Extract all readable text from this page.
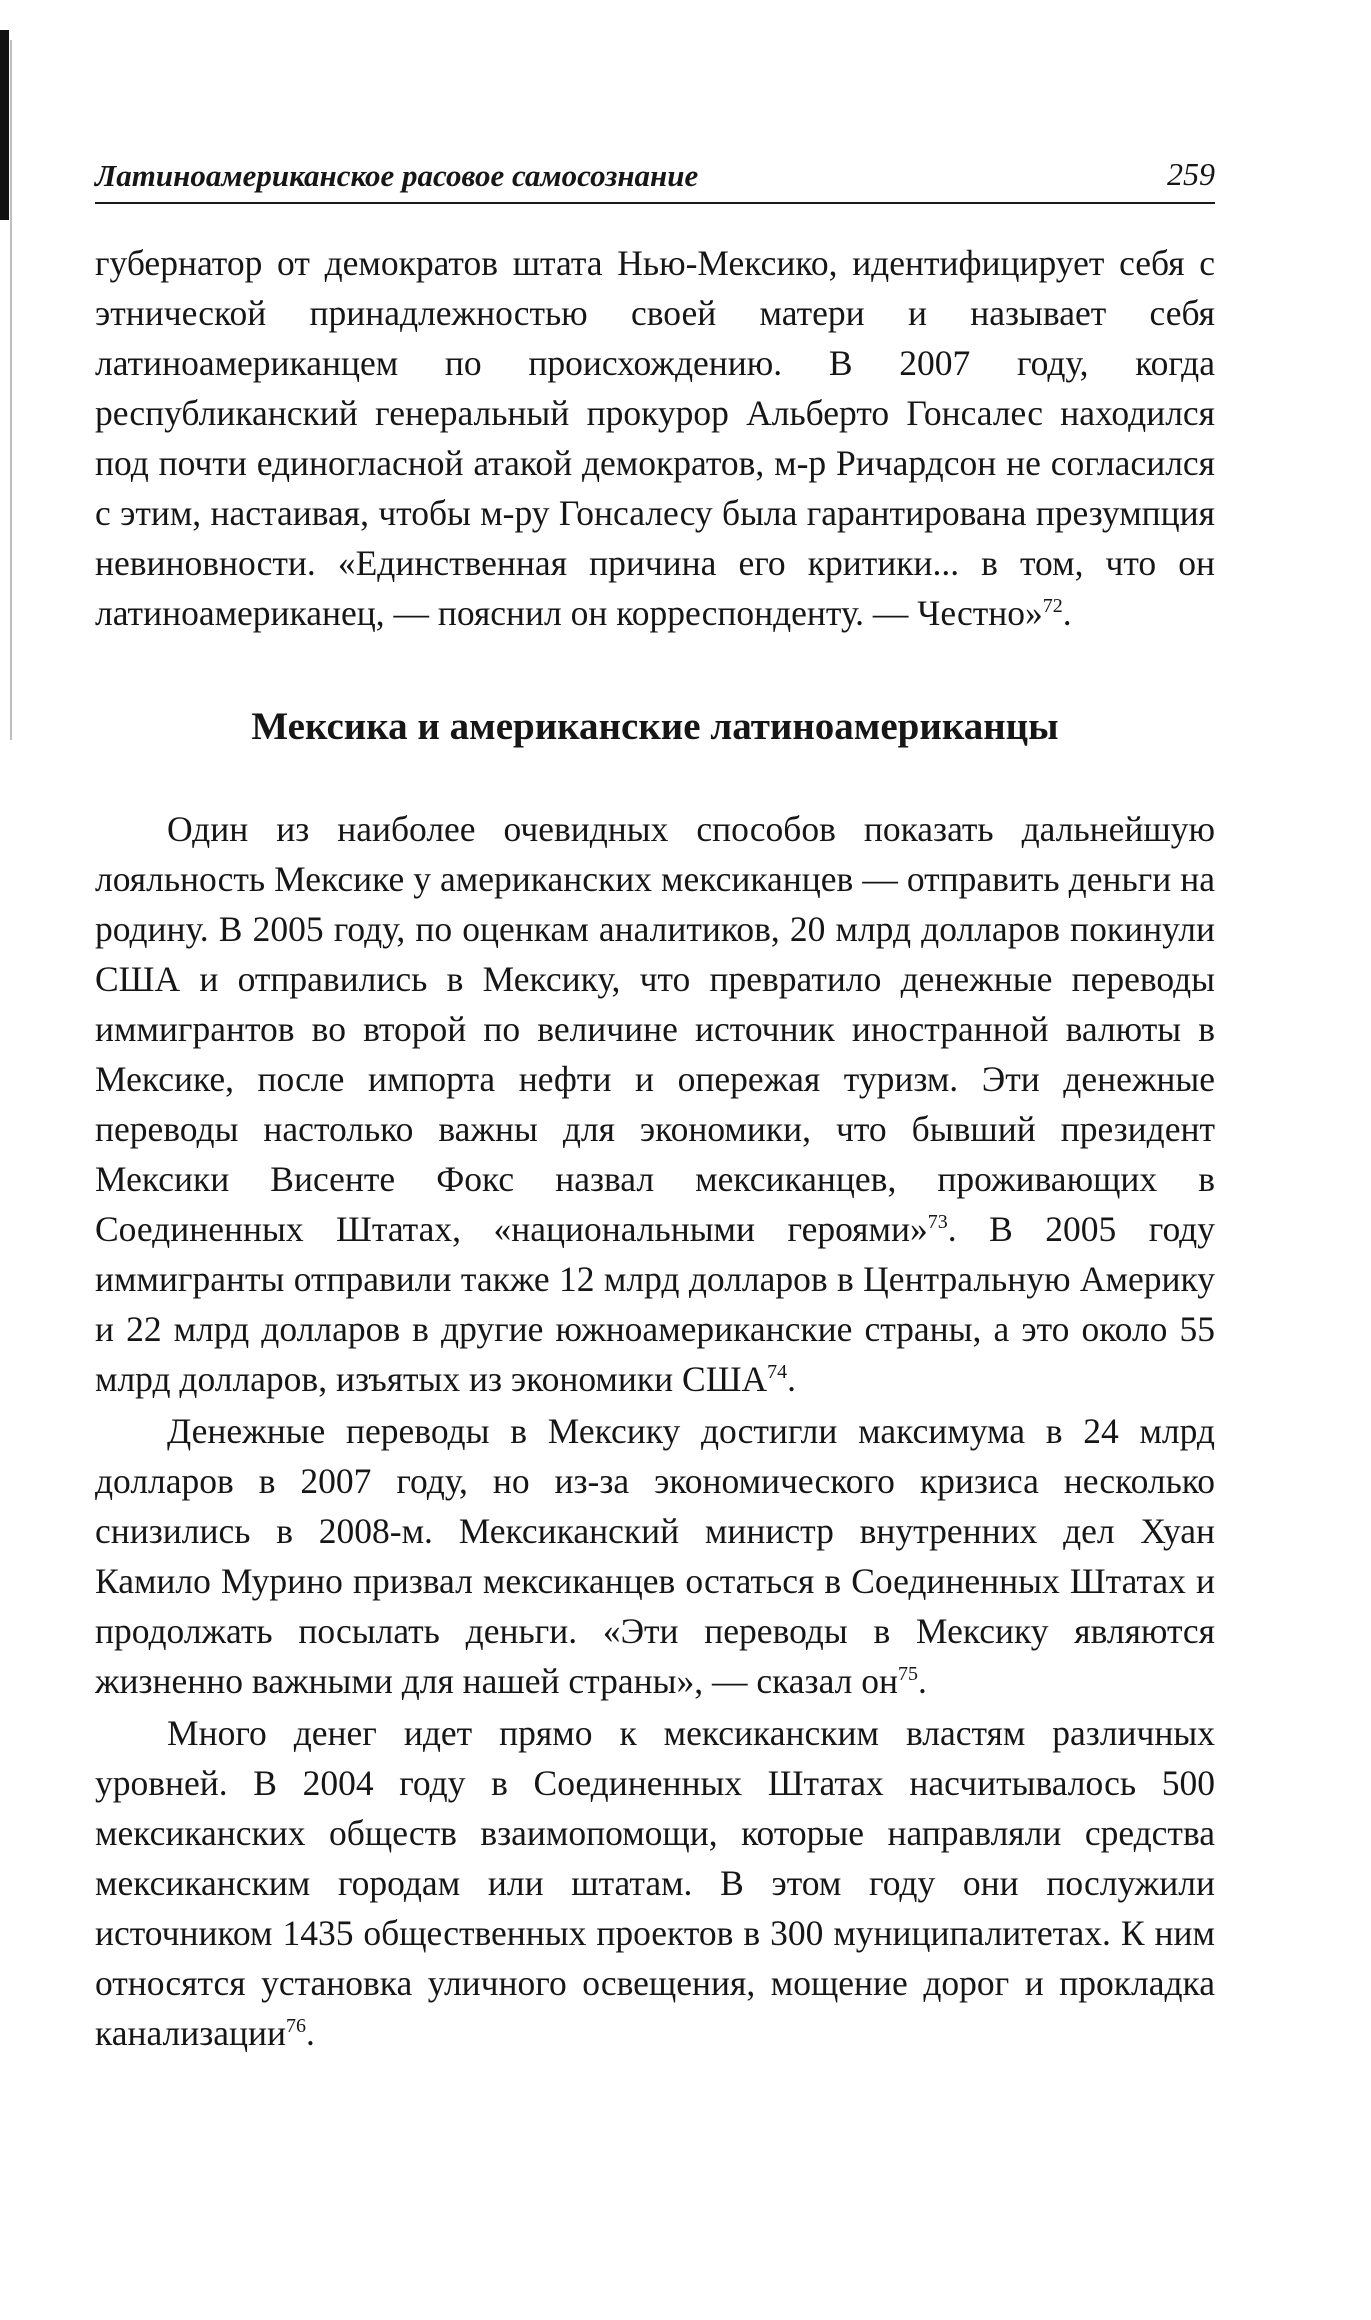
Латиноамериканское расовое самосознание	259

губернатор от демократов штата Нью-Мексико, идентифицирует себя с этнической принадлежностью своей матери и называет себя латиноамериканцем по происхождению. В 2007 году, когда республиканский генеральный прокурор Альберто Гонсалес находился под почти единогласной атакой демократов, м-р Ричардсон не согласился с этим, настаивая, чтобы м-ру Гонсалесу была гарантирована презумпция невиновности. «Единственная причина его критики... в том, что он латиноамериканец, — пояснил он корреспонденту. — Честно»$^{72}$.

Мексика и американские латиноамериканцы

Один из наиболее очевидных способов показать дальнейшую лояльность Мексике у американских мексиканцев — отправить деньги на родину. В 2005 году, по оценкам аналитиков, 20 млрд долларов покинули США и отправились в Мексику, что превратило денежные переводы иммигрантов во второй по величине источник иностранной валюты в Мексике, после импорта нефти и опережая туризм. Эти денежные переводы настолько важны для экономики, что бывший президент Мексики Висенте Фокс назвал мексиканцев, проживающих в Соединенных Штатах, «национальными героями»$^{73}$. В 2005 году иммигранты отправили также 12 млрд долларов в Центральную Америку и 22 млрд долларов в другие южноамериканские страны, а это около 55 млрд долларов, изъятых из экономики США$^{74}$.

Денежные переводы в Мексику достигли максимума в 24 млрд долларов в 2007 году, но из-за экономического кризиса несколько снизились в 2008-м. Мексиканский министр внутренних дел Хуан Камило Мурино призвал мексиканцев остаться в Соединенных Штатах и продолжать посылать деньги. «Эти переводы в Мексику являются жизненно важными для нашей страны», — сказал $он^{75}$.

Много денег идет прямо к мексиканским властям различных уровней. В 2004 году в Соединенных Штатах насчитывалось 500 мексиканских обществ взаимопомощи, которые направляли средства мексиканским городам или штатам. В этом году они послужили источником 1435 общественных проектов в 300 муниципалитетах. К ним относятся установка уличного освещения, мощение дорог и прокладка канализации$^{76}$.
